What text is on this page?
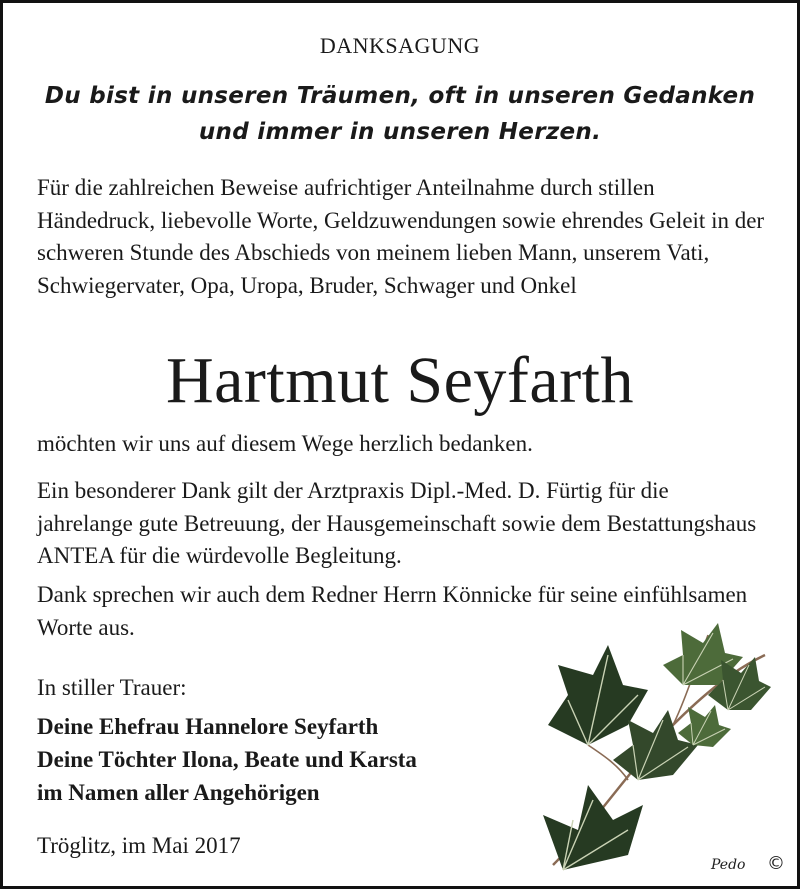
DANKSAGUNG
Du bist in unseren Träumen, oft in unseren Gedanken
und immer in unseren Herzen.

Für die zahlreichen Beweise aufrichtiger Anteilnahme durch stillen Händedruck, liebevolle Worte, Geldzuwendungen sowie ehrendes Geleit in der schweren Stunde des Abschieds von meinem lieben Mann, unserem Vati, Schwiegervater, Opa, Uropa, Bruder, Schwager und Onkel

Hartmut Seyfarth

möchten wir uns auf diesem Wege herzlich bedanken.

Ein besonderer Dank gilt der Arztpraxis Dipl.-Med. D. Fürtig für die jahrelange gute Betreuung, der Hausgemeinschaft sowie dem Bestattungshaus ANTEA für die würdevolle Begleitung.

Dank sprechen wir auch dem Redner Herrn Könnicke für seine einfühlsamen Worte aus.

In stiller Trauer:
Deine Ehefrau Hannelore Seyfarth
Deine Töchter Ilona, Beate und Karsta
im Namen aller Angehörigen
Tröglitz, im Mai 2017
Pedo ©
